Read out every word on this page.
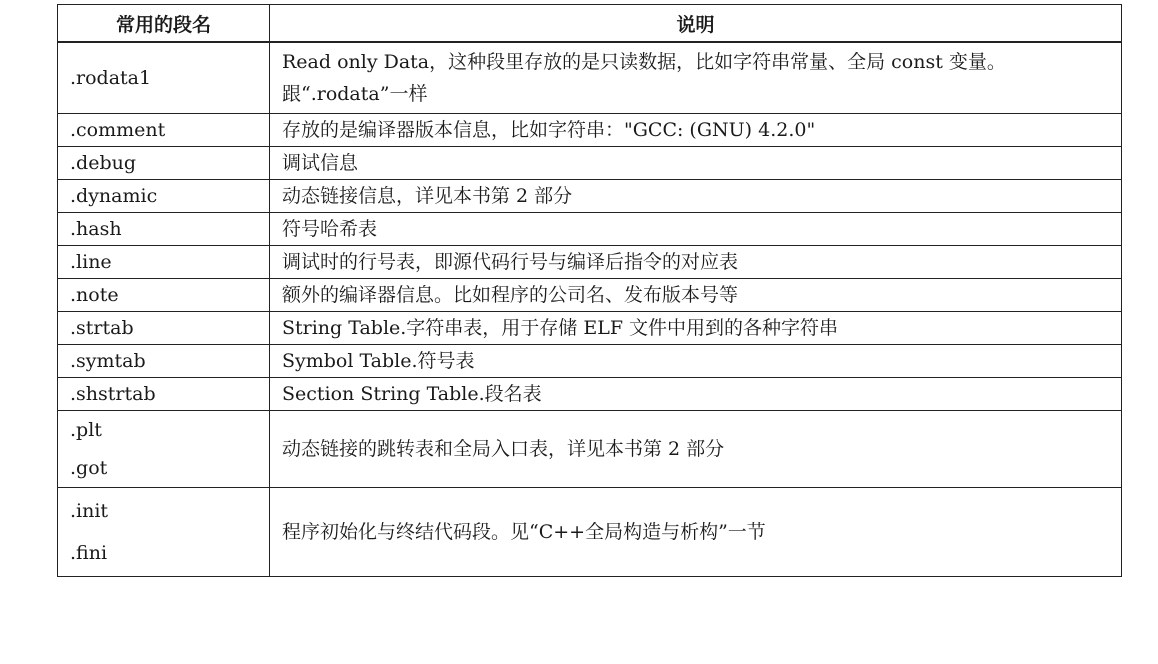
常用的段名	说明

.rodata1	Read only Data，这种段里存放的是只读数据，比如字符串常量、全局 const 变量。跟“.rodata”一样

.comment	存放的是编译器版本信息，比如字符串："GCC: (GNU) 4.2.0"

.debug	调试信息

.dynamic	动态链接信息，详见本书第 2 部分

.hash	符号哈希表

.line	调试时的行号表，即源代码行号与编译后指令的对应表

.note	额外的编译器信息。比如程序的公司名、发布版本号等

.strtab	String Table.字符串表，用于存储 ELF 文件中用到的各种字符串

.symtab	Symbol Table.符号表

.shstrtab	Section String Table.段名表

.plt
.got	动态链接的跳转表和全局入口表，详见本书第 2 部分

.init
.fini	程序初始化与终结代码段。见“C++全局构造与析构”一节
